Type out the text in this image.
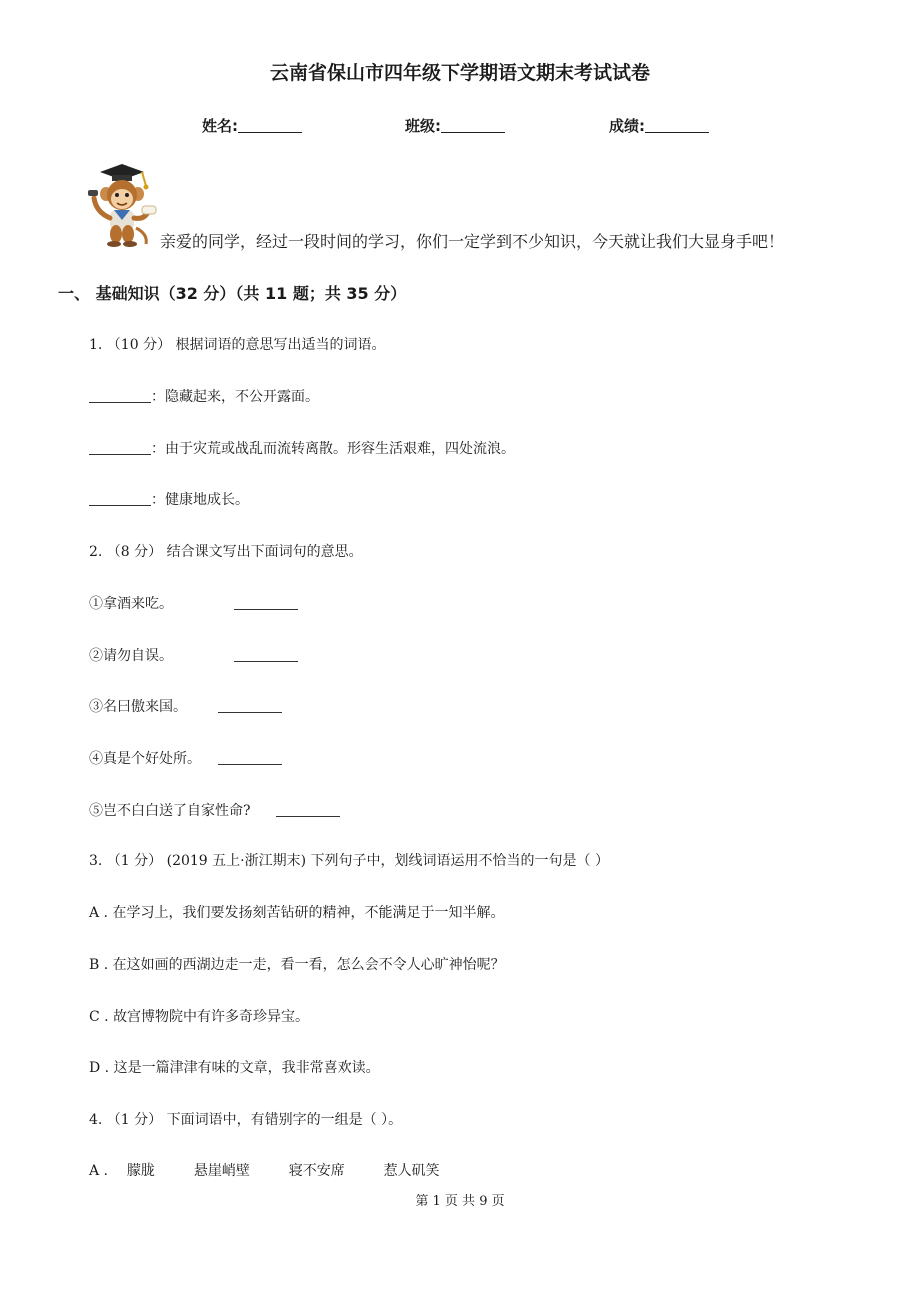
云南省保山市四年级下学期语文期末考试试卷
姓名:	班级:	成绩:
亲爱的同学，经过一段时间的学习，你们一定学到不少知识，今天就让我们大显身手吧！
一、 基础知识（32 分）（共 11 题；共 35 分）
1. （10 分） 根据词语的意思写出适当的词语。
：隐藏起来，不公开露面。
：由于灾荒或战乱而流转离散。形容生活艰难，四处流浪。
：健康地成长。
2. （8 分） 结合课文写出下面词句的意思。
①拿酒来吃。
②请勿自误。
③名曰傲来国。
④真是个好处所。
⑤岂不白白送了自家性命?
3. （1 分） (2019 五上·浙江期末) 下列句子中，划线词语运用不恰当的一句是（ ）
A . 在学习上，我们要发扬刻苦钻研的精神，不能满足于一知半解。
B . 在这如画的西湖边走一走，看一看，怎么会不令人心旷神怡呢？
C . 故宫博物院中有许多奇珍异宝。
D . 这是一篇津津有味的文章，我非常喜欢读。
4. （1 分） 下面词语中，有错别字的一组是（ ）。
A . 朦胧	悬崖峭壁	寝不安席	惹人矶笑
第 1 页 共 9 页
